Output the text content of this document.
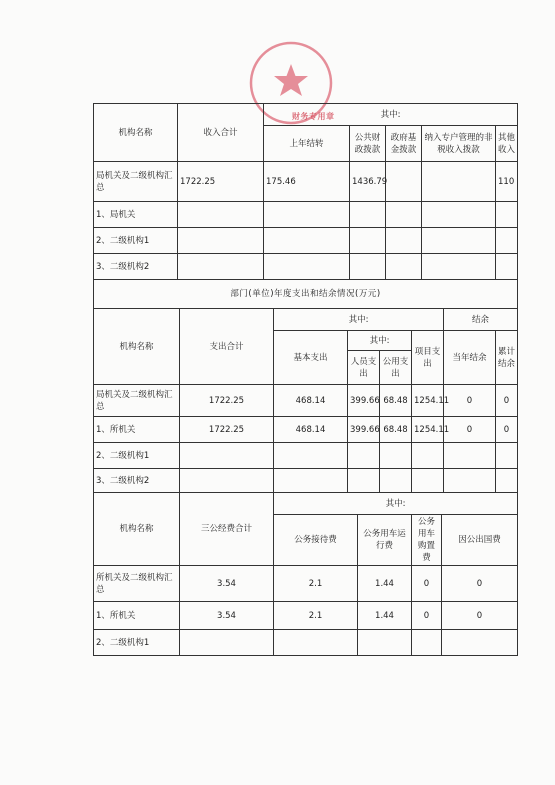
财务专用章
机构名称	收入合计	其中:				
		上年结转	公共财政拨款	政府基金拨款	纳入专户管理的非税收入拨款	其他收入
局机关及二级机构汇总	1722.25	175.46	1436.79			110
1、局机关						
2、二级机构1						
3、二级机构2						
部门(单位)年度支出和结余情况(万元)							
机构名称	支出合计	其中:				结余	
		基本支出	其中:		项目支出	当年结余	累计结余
			人员支出	公用支出			
局机关及二级机构汇总	1722.25	468.14	399.66	68.48	1254.11	0	0
1、所机关	1722.25	468.14	399.66	68.48	1254.11	0	0
2、二级机构1							
3、二级机构2							
机构名称	三公经费合计	其中:			
		公务接待费	公务用车运行费	公务用车购置费	因公出国费
所机关及二级机构汇总	3.54	2.1	1.44	0	0
1、所机关	3.54	2.1	1.44	0	0
2、二级机构1					
